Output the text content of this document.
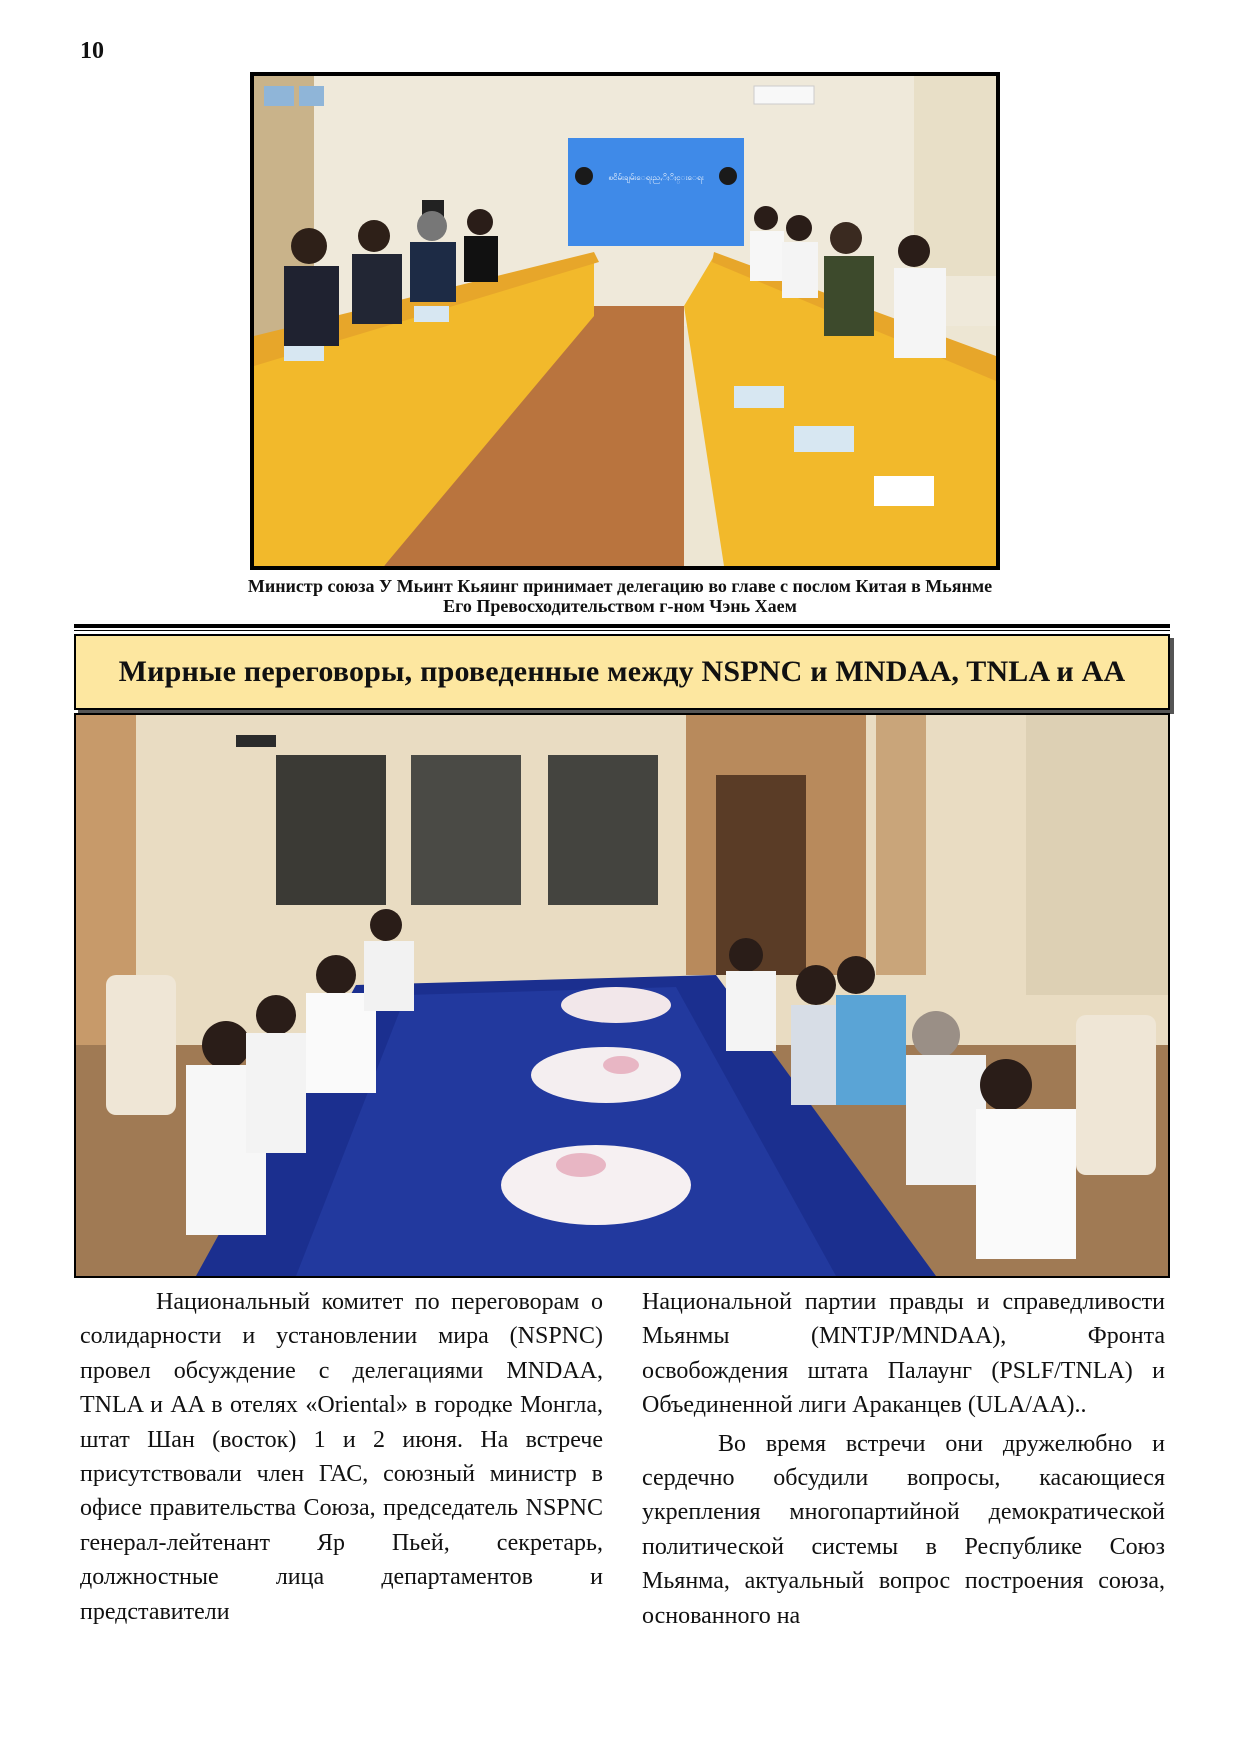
10
ၿငိမ်းချမ်းေရးညႇိႏိႈင္းေရး
Министр союза У Мьинт Кьяинг принимает делегацию во главе с послом Китая в Мьянме
Его Превосходительством г-ном Чэнь Хаем
Мирные переговоры, проведенные между NSPNC и MNDAA, TNLA и AA

Национальный комитет по переговорам о солидарности и установлении мира (NSPNC) провел обсуждение с делегациями MNDAA, TNLA и AA в отелях «Oriental» в городке Монгла, штат Шан (восток) 1 и 2 июня. На встрече присутствовали член ГАС, союзный министр в офисе правительства Союза, председатель NSPNC генерал-лейтенант Яр Пьей, секретарь, должностные лица департаментов и представители

Национальной партии правды и справедливости Мьянмы (MNTJP/MNDAA), Фронта освобождения штата Палаунг (PSLF/TNLA) и Объединенной лиги Араканцев (ULA/AA)..

Во время встречи они дружелюбно и сердечно обсудили вопросы, касающиеся укрепления многопартийной демократической политической системы в Республике Союз Мьянма, актуальный вопрос построения союза, основанного на
